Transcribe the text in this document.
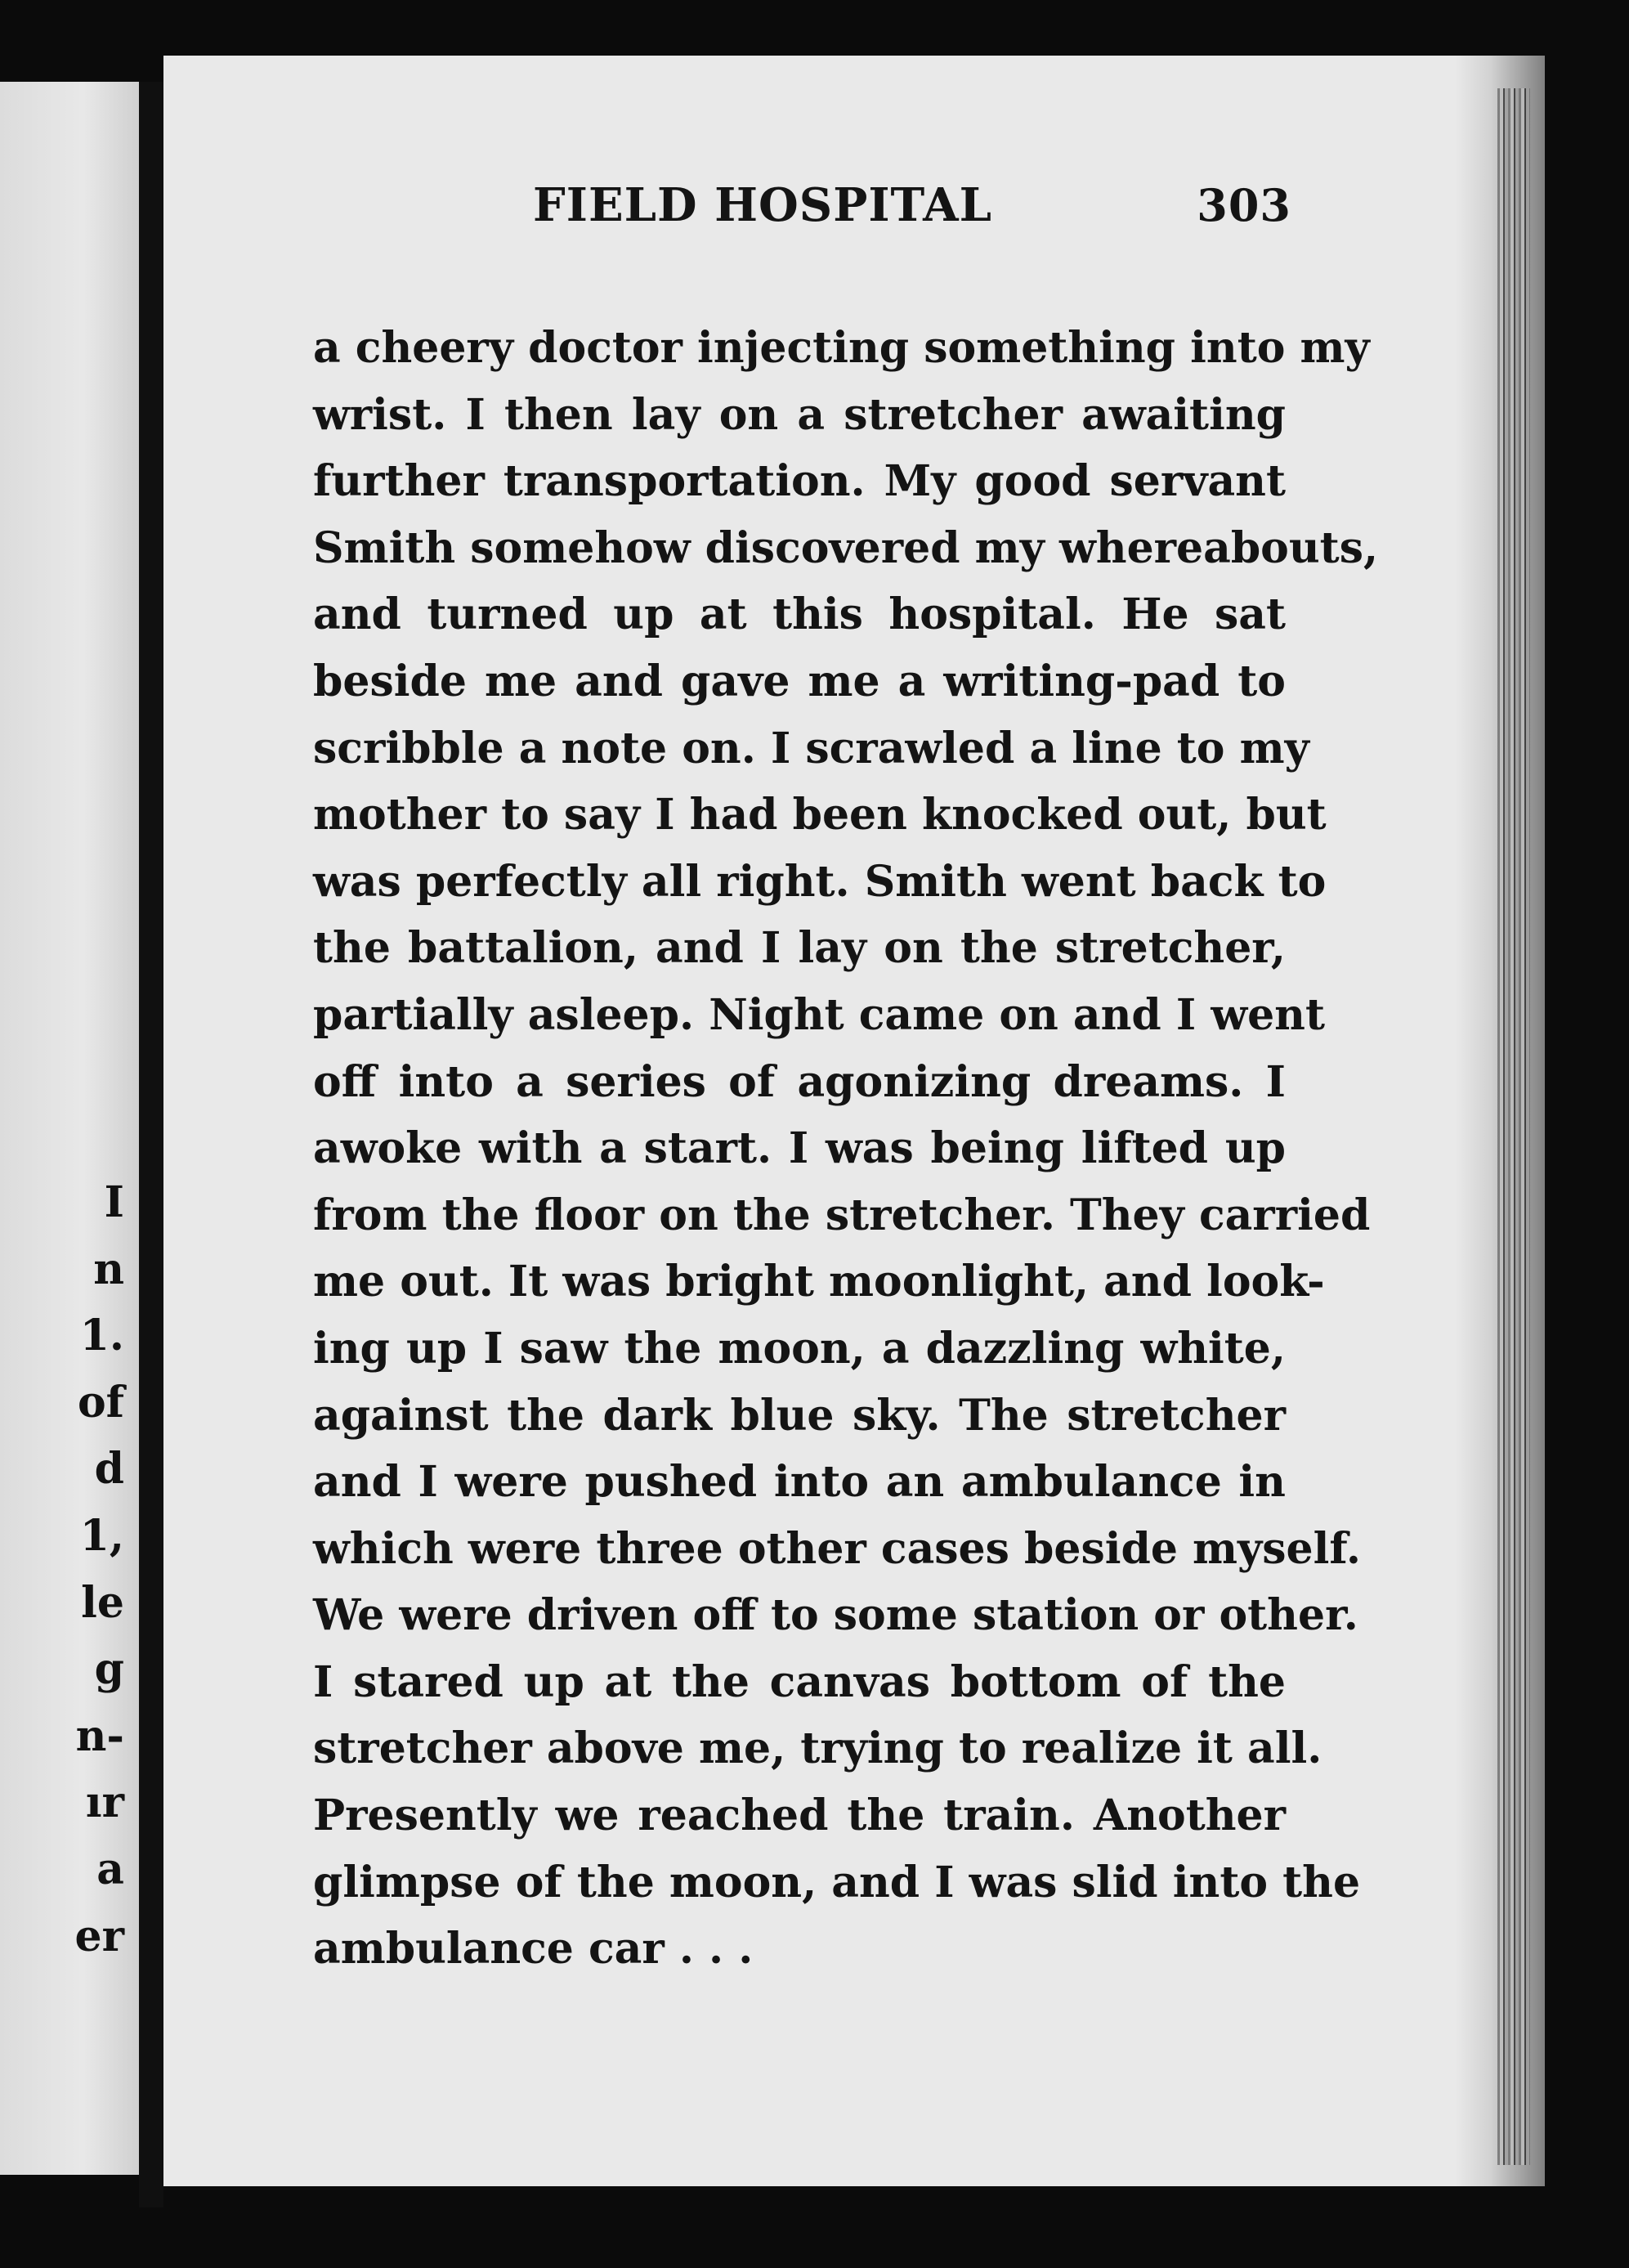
I
n
1.
of
d
1,
le
g
n-
ır
a
er
FIELD HOSPITAL	303
a cheery doctor injecting something into my
wrist. I then lay on a stretcher awaiting
further transportation. My good servant
Smith somehow discovered my whereabouts,
and turned up at this hospital. He sat
beside me and gave me a writing-pad to
scribble a note on. I scrawled a line to my
mother to say I had been knocked out, but
was perfectly all right. Smith went back to
the battalion, and I lay on the stretcher,
partially asleep. Night came on and I went
off into a series of agonizing dreams. I
awoke with a start. I was being lifted up
from the floor on the stretcher. They carried
me out. It was bright moonlight, and look-
ing up I saw the moon, a dazzling white,
against the dark blue sky. The stretcher
and I were pushed into an ambulance in
which were three other cases beside myself.
We were driven off to some station or other.
I stared up at the canvas bottom of the
stretcher above me, trying to realize it all.
Presently we reached the train. Another
glimpse of the moon, and I was slid into the
ambulance car . . .
